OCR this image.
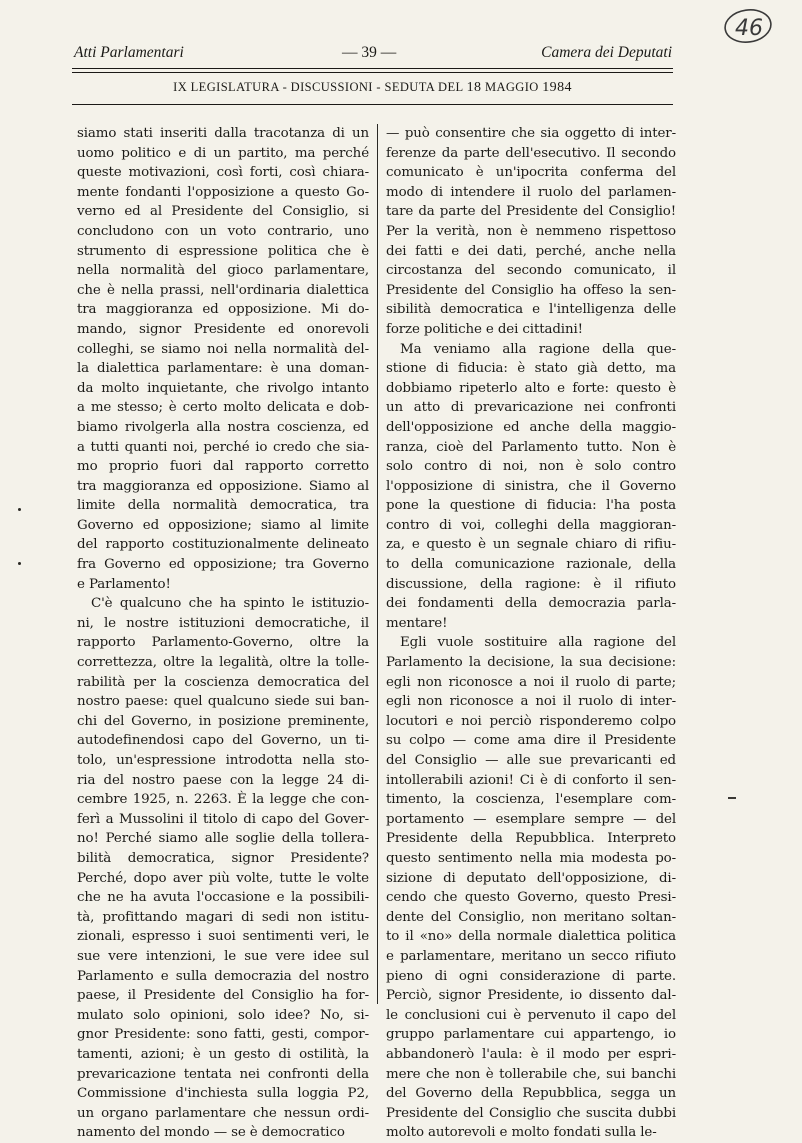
46
Atti Parlamentari	— 39 —	Camera dei Deputati
IX LEGISLATURA - DISCUSSIONI - SEDUTA DEL 18 MAGGIO 1984
siamo stati inseriti dalla tracotanza di un
uomo politico e di un partito, ma perché
queste motivazioni, così forti, così chiara-
mente fondanti l'opposizione a questo Go-
verno ed al Presidente del Consiglio, si
concludono con un voto contrario, uno
strumento di espressione politica che è
nella normalità del gioco parlamentare,
che è nella prassi, nell'ordinaria dialettica
tra maggioranza ed opposizione. Mi do-
mando, signor Presidente ed onorevoli
colleghi, se siamo noi nella normalità del-
la dialettica parlamentare: è una doman-
da molto inquietante, che rivolgo intanto
a me stesso; è certo molto delicata e dob-
biamo rivolgerla alla nostra coscienza, ed
a tutti quanti noi, perché io credo che sia-
mo proprio fuori dal rapporto corretto
tra maggioranza ed opposizione. Siamo al
limite della normalità democratica, tra
Governo ed opposizione; siamo al limite
del rapporto costituzionalmente delineato
fra Governo ed opposizione; tra Governo
e Parlamento!
C'è qualcuno che ha spinto le istituzio-
ni, le nostre istituzioni democratiche, il
rapporto Parlamento-Governo, oltre la
correttezza, oltre la legalità, oltre la tolle-
rabilità per la coscienza democratica del
nostro paese: quel qualcuno siede sui ban-
chi del Governo, in posizione preminente,
autodefinendosi capo del Governo, un ti-
tolo, un'espressione introdotta nella sto-
ria del nostro paese con la legge 24 di-
cembre 1925, n. 2263. È la legge che con-
ferì a Mussolini il titolo di capo del Gover-
no! Perché siamo alle soglie della tollera-
bilità democratica, signor Presidente?
Perché, dopo aver più volte, tutte le volte
che ne ha avuta l'occasione e la possibili-
tà, profittando magari di sedi non istitu-
zionali, espresso i suoi sentimenti veri, le
sue vere intenzioni, le sue vere idee sul
Parlamento e sulla democrazia del nostro
paese, il Presidente del Consiglio ha for-
mulato solo opinioni, solo idee? No, si-
gnor Presidente: sono fatti, gesti, compor-
tamenti, azioni; è un gesto di ostilità, la
prevaricazione tentata nei confronti della
Commissione d'inchiesta sulla loggia P2,
un organo parlamentare che nessun ordi-
namento del mondo — se è democratico
— può consentire che sia oggetto di inter-
ferenze da parte dell'esecutivo. Il secondo
comunicato è un'ipocrita conferma del
modo di intendere il ruolo del parlamen-
tare da parte del Presidente del Consiglio!
Per la verità, non è nemmeno rispettoso
dei fatti e dei dati, perché, anche nella
circostanza del secondo comunicato, il
Presidente del Consiglio ha offeso la sen-
sibilità democratica e l'intelligenza delle
forze politiche e dei cittadini!
Ma veniamo alla ragione della que-
stione di fiducia: è stato già detto, ma
dobbiamo ripeterlo alto e forte: questo è
un atto di prevaricazione nei confronti
dell'opposizione ed anche della maggio-
ranza, cioè del Parlamento tutto. Non è
solo contro di noi, non è solo contro
l'opposizione di sinistra, che il Governo
pone la questione di fiducia: l'ha posta
contro di voi, colleghi della maggioran-
za, e questo è un segnale chiaro di rifiu-
to della comunicazione razionale, della
discussione, della ragione: è il rifiuto
dei fondamenti della democrazia parla-
mentare!
Egli vuole sostituire alla ragione del
Parlamento la decisione, la sua decisione:
egli non riconosce a noi il ruolo di parte;
egli non riconosce a noi il ruolo di inter-
locutori e noi perciò risponderemo colpo
su colpo — come ama dire il Presidente
del Consiglio — alle sue prevaricanti ed
intollerabili azioni! Ci è di conforto il sen-
timento, la coscienza, l'esemplare com-
portamento — esemplare sempre — del
Presidente della Repubblica. Interpreto
questo sentimento nella mia modesta po-
sizione di deputato dell'opposizione, di-
cendo che questo Governo, questo Presi-
dente del Consiglio, non meritano soltan-
to il «no» della normale dialettica politica
e parlamentare, meritano un secco rifiuto
pieno di ogni considerazione di parte.
Perciò, signor Presidente, io dissento dal-
le conclusioni cui è pervenuto il capo del
gruppo parlamentare cui appartengo, io
abbandonerò l'aula: è il modo per espri-
mere che non è tollerabile che, sui banchi
del Governo della Repubblica, segga un
Presidente del Consiglio che suscita dubbi
molto autorevoli e molto fondati sulla le-
